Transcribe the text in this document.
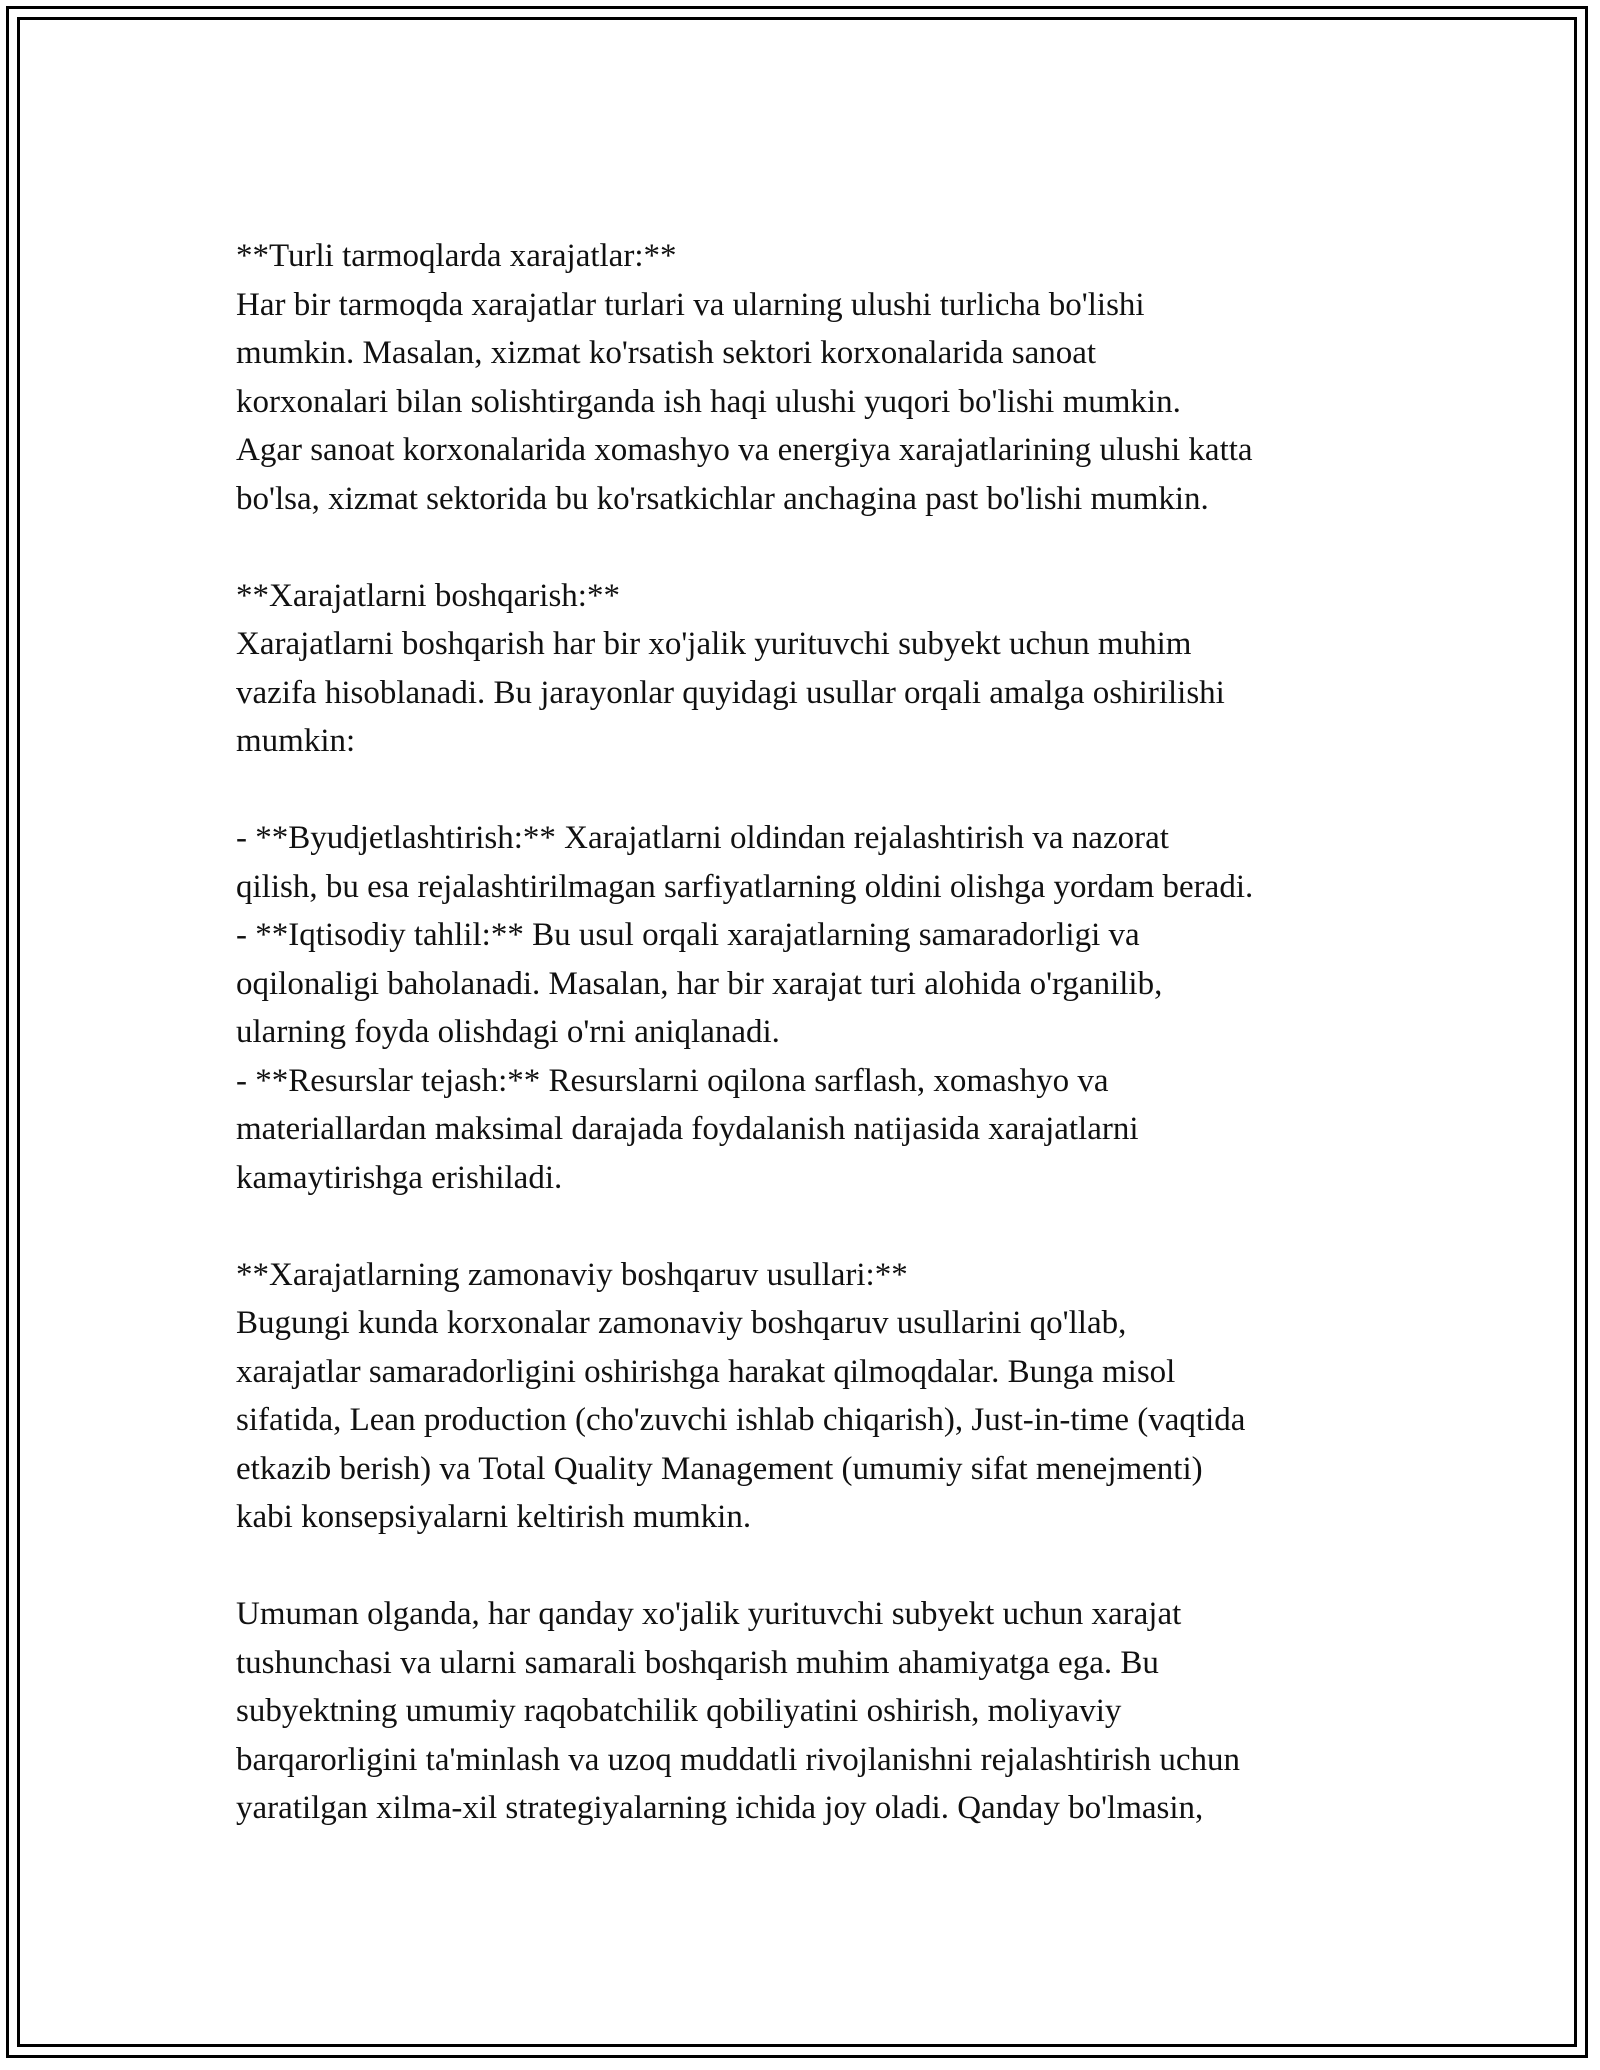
**Turli tarmoqlarda xarajatlar:**
Har bir tarmoqda xarajatlar turlari va ularning ulushi turlicha bo'lishi
mumkin. Masalan, xizmat ko'rsatish sektori korxonalarida sanoat
korxonalari bilan solishtirganda ish haqi ulushi yuqori bo'lishi mumkin.
Agar sanoat korxonalarida xomashyo va energiya xarajatlarining ulushi katta
bo'lsa, xizmat sektorida bu ko'rsatkichlar anchagina past bo'lishi mumkin.
**Xarajatlarni boshqarish:**
Xarajatlarni boshqarish har bir xo'jalik yurituvchi subyekt uchun muhim
vazifa hisoblanadi. Bu jarayonlar quyidagi usullar orqali amalga oshirilishi
mumkin:
- **Byudjetlashtirish:** Xarajatlarni oldindan rejalashtirish va nazorat
qilish, bu esa rejalashtirilmagan sarfiyatlarning oldini olishga yordam beradi.
- **Iqtisodiy tahlil:** Bu usul orqali xarajatlarning samaradorligi va
oqilonaligi baholanadi. Masalan, har bir xarajat turi alohida o'rganilib,
ularning foyda olishdagi o'rni aniqlanadi.
- **Resurslar tejash:** Resurslarni oqilona sarflash, xomashyo va
materiallardan maksimal darajada foydalanish natijasida xarajatlarni
kamaytirishga erishiladi.
**Xarajatlarning zamonaviy boshqaruv usullari:**
Bugungi kunda korxonalar zamonaviy boshqaruv usullarini qo'llab,
xarajatlar samaradorligini oshirishga harakat qilmoqdalar. Bunga misol
sifatida, Lean production (cho'zuvchi ishlab chiqarish), Just-in-time (vaqtida
etkazib berish) va Total Quality Management (umumiy sifat menejmenti)
kabi konsepsiyalarni keltirish mumkin.
Umuman olganda, har qanday xo'jalik yurituvchi subyekt uchun xarajat
tushunchasi va ularni samarali boshqarish muhim ahamiyatga ega. Bu
subyektning umumiy raqobatchilik qobiliyatini oshirish, moliyaviy
barqarorligini ta'minlash va uzoq muddatli rivojlanishni rejalashtirish uchun
yaratilgan xilma-xil strategiyalarning ichida joy oladi. Qanday bo'lmasin,
